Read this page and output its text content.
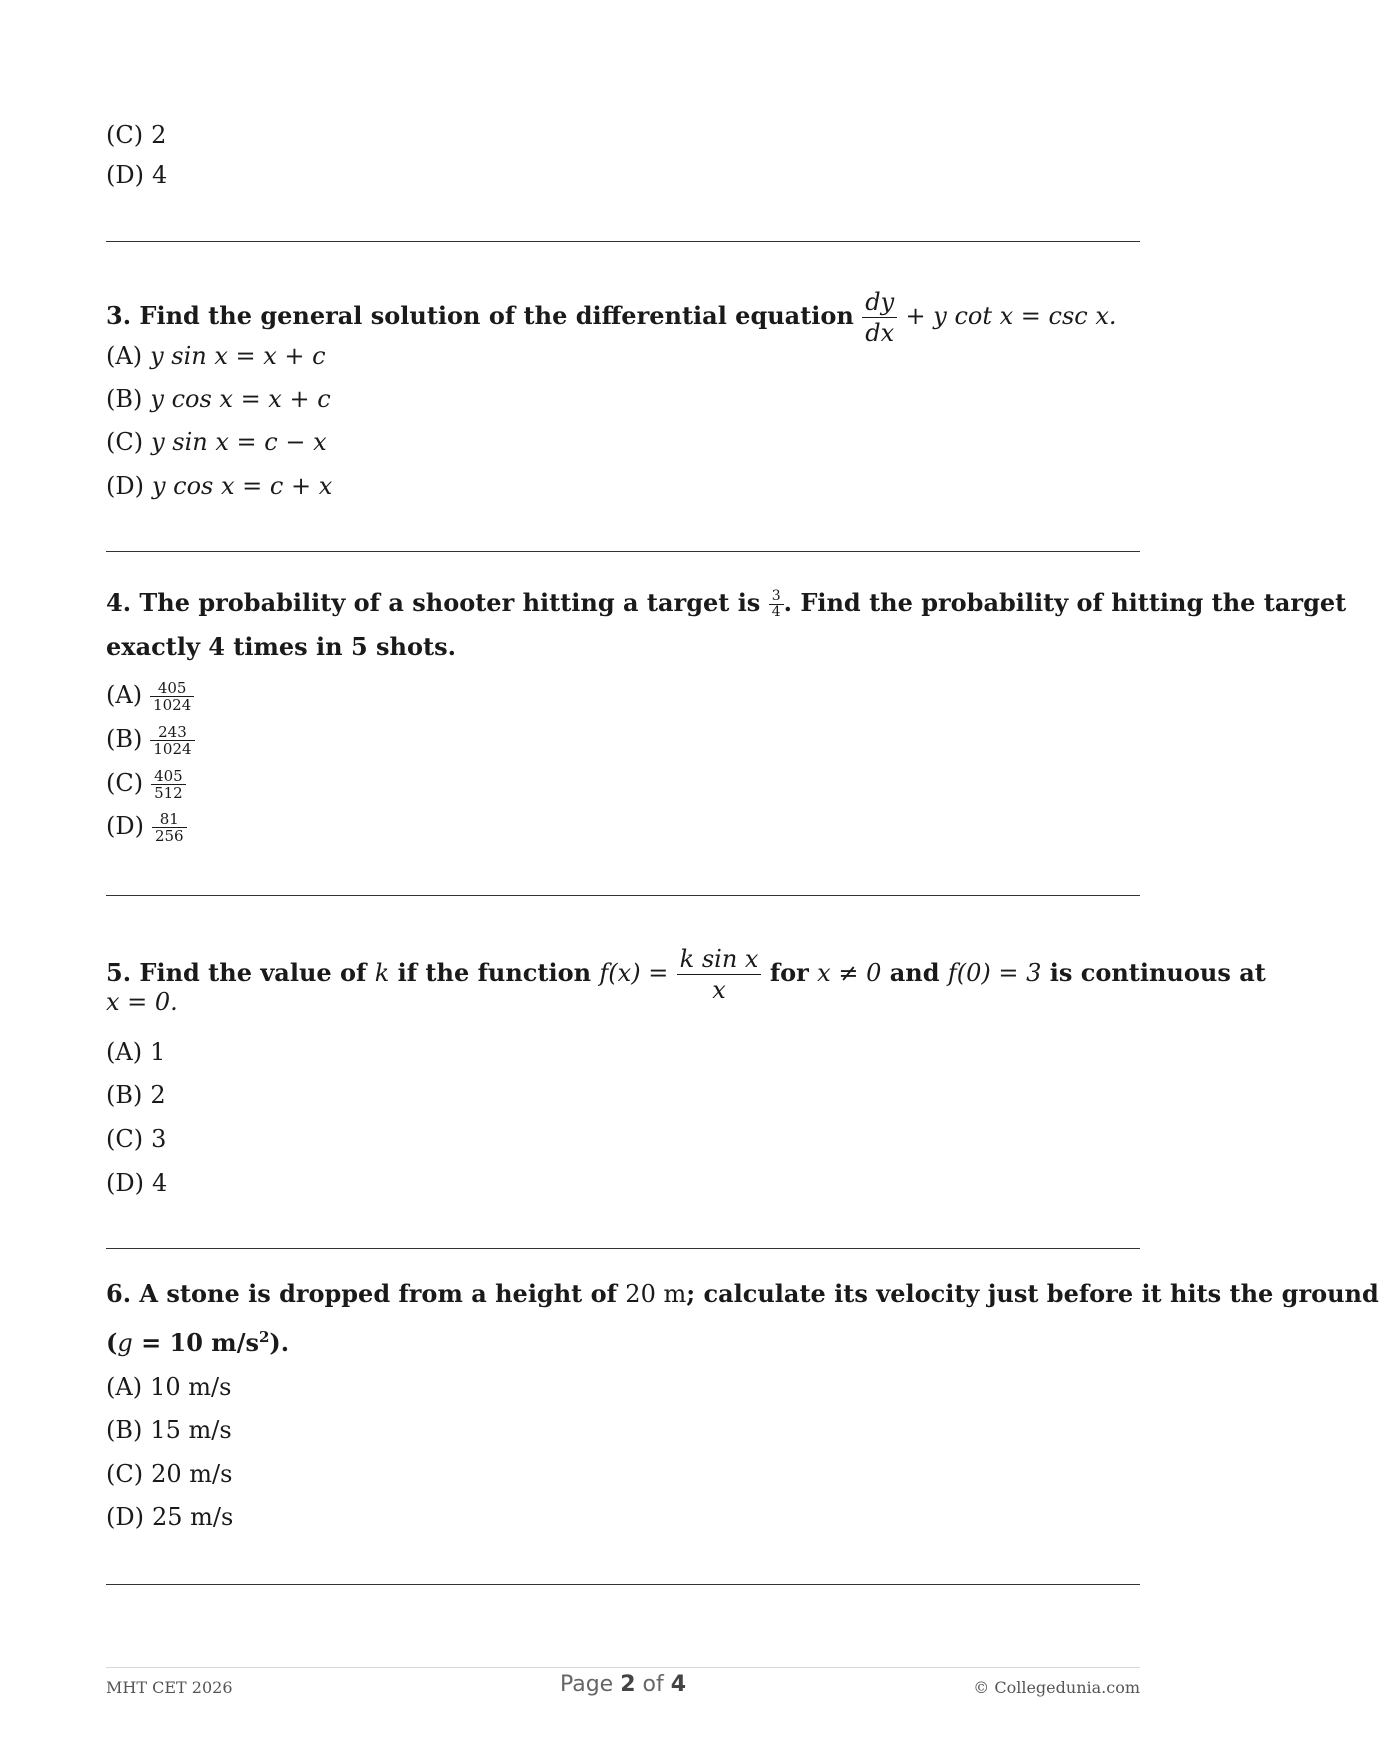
(C) 2
(D) 4
3. Find the general solution of the differential equation $\frac{dy}{dx} + y$ cot x = csc x.
(A) y sin x = x + c
(B) y cos x = x + c
(C) y sin x = c − x
(D) y cos x = c + x
4. The probability of a shooter hitting a target is $\frac{3}{4}$ . Find the probability of hitting the target
exactly 4 times in 5 shots.
$(A) \frac{405}{1024}$
$(B) \frac{243}{1024}$
$(C) \frac{405}{512}$
$(D) \frac{81}{256}$
5. Find the value of k if the function $f(x) = \frac{\text{k sin x}}{x}$ for x ≠ 0 and f(0) = 3 is continuous at
x = 0.
(A) 1
(B) 2
(C) 3
(D) 4
6. A stone is dropped from a height of 20 m; calculate its velocity just before it hits the ground
(g = 10 $m/s^2$).
(A) 10 m/s
(B) 15 m/s
(C) 20 m/s
(D) 25 m/s
MHT CET 2026	Page 2 of 4	© Collegedunia.com
